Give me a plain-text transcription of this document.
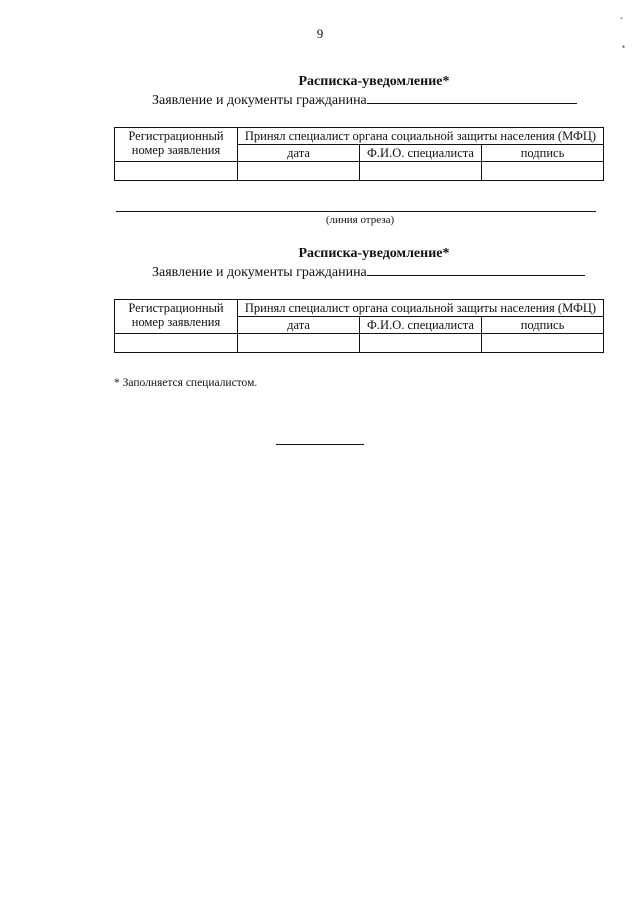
9
Расписка-уведомление*
Заявление и документы гражданина
Регистрационный номер заявления	Принял специалист органа социальной защиты населения (МФЦ)		
	дата	Ф.И.О. специалиста	подпись

(линия отреза)
Расписка-уведомление*
Заявление и документы гражданина
Регистрационный номер заявления	Принял специалист органа социальной защиты населения (МФЦ)		
	дата	Ф.И.О. специалиста	подпись

* Заполняется специалистом.
ˆ
•
